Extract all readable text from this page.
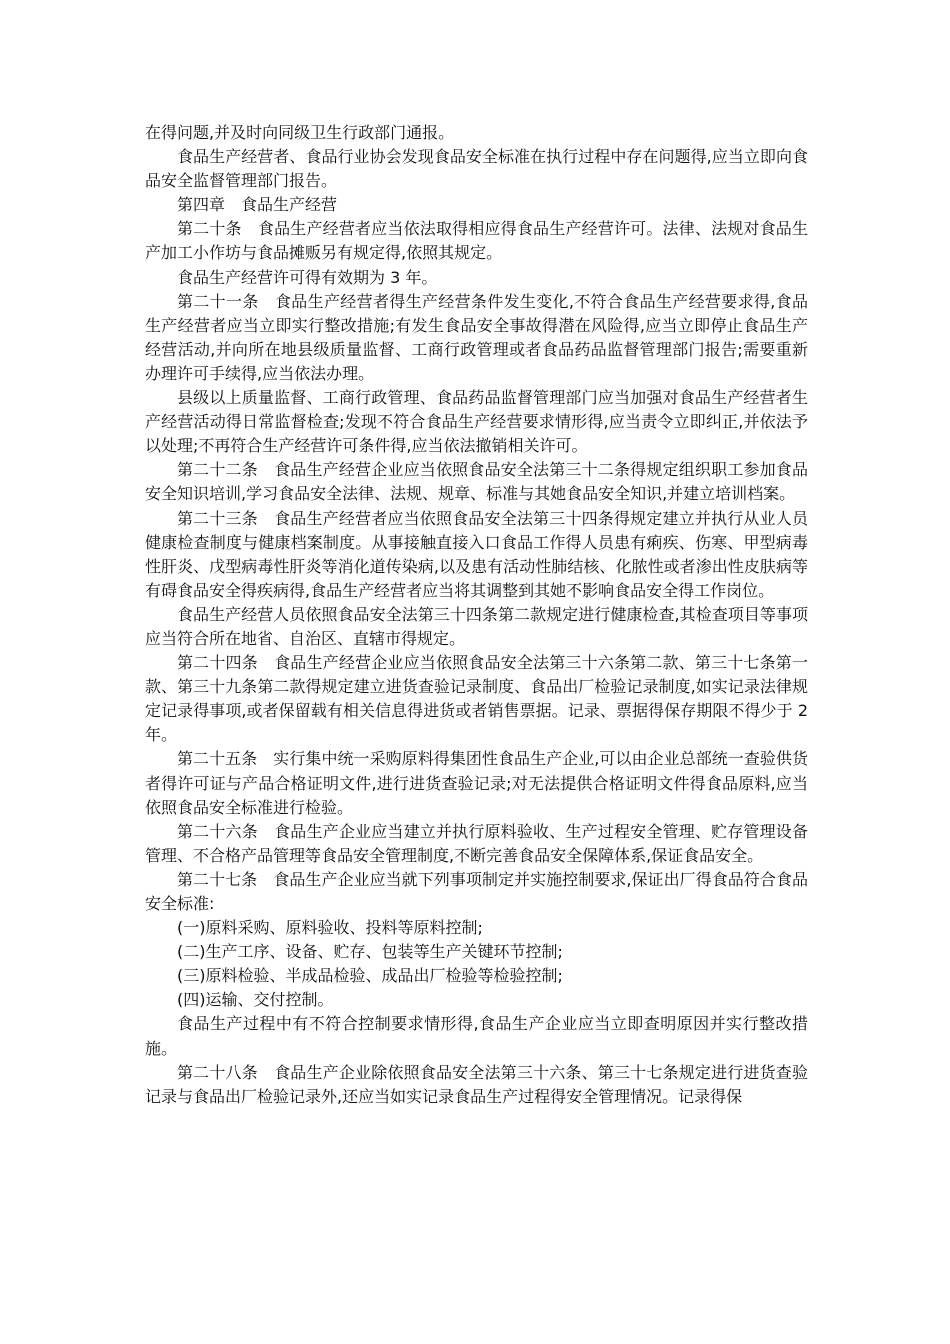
在得问题,并及时向同级卫生行政部门通报。

食品生产经营者、食品行业协会发现食品安全标准在执行过程中存在问题得,应当立即向食品安全监督管理部门报告。

第四章　食品生产经营

第二十条　食品生产经营者应当依法取得相应得食品生产经营许可。法律、法规对食品生产加工小作坊与食品摊贩另有规定得,依照其规定。

食品生产经营许可得有效期为 3 年。

第二十一条　食品生产经营者得生产经营条件发生变化,不符合食品生产经营要求得,食品生产经营者应当立即实行整改措施;有发生食品安全事故得潜在风险得,应当立即停止食品生产经营活动,并向所在地县级质量监督、工商行政管理或者食品药品监督管理部门报告;需要重新办理许可手续得,应当依法办理。

县级以上质量监督、工商行政管理、食品药品监督管理部门应当加强对食品生产经营者生产经营活动得日常监督检查;发现不符合食品生产经营要求情形得,应当责令立即纠正,并依法予以处理;不再符合生产经营许可条件得,应当依法撤销相关许可。

第二十二条　食品生产经营企业应当依照食品安全法第三十二条得规定组织职工参加食品安全知识培训,学习食品安全法律、法规、规章、标准与其她食品安全知识,并建立培训档案。

第二十三条　食品生产经营者应当依照食品安全法第三十四条得规定建立并执行从业人员健康检查制度与健康档案制度。从事接触直接入口食品工作得人员患有痢疾、伤寒、甲型病毒性肝炎、戊型病毒性肝炎等消化道传染病,以及患有活动性肺结核、化脓性或者渗出性皮肤病等有碍食品安全得疾病得,食品生产经营者应当将其调整到其她不影响食品安全得工作岗位。

食品生产经营人员依照食品安全法第三十四条第二款规定进行健康检查,其检查项目等事项应当符合所在地省、自治区、直辖市得规定。

第二十四条　食品生产经营企业应当依照食品安全法第三十六条第二款、第三十七条第一款、第三十九条第二款得规定建立进货查验记录制度、食品出厂检验记录制度,如实记录法律规定记录得事项,或者保留载有相关信息得进货或者销售票据。记录、票据得保存期限不得少于 2 年。

第二十五条　实行集中统一采购原料得集团性食品生产企业,可以由企业总部统一查验供货者得许可证与产品合格证明文件,进行进货查验记录;对无法提供合格证明文件得食品原料,应当依照食品安全标准进行检验。

第二十六条　食品生产企业应当建立并执行原料验收、生产过程安全管理、贮存管理设备管理、不合格产品管理等食品安全管理制度,不断完善食品安全保障体系,保证食品安全。

第二十七条　食品生产企业应当就下列事项制定并实施控制要求,保证出厂得食品符合食品安全标准:

(一)原料采购、原料验收、投料等原料控制;

(二)生产工序、设备、贮存、包装等生产关键环节控制;

(三)原料检验、半成品检验、成品出厂检验等检验控制;

(四)运输、交付控制。

食品生产过程中有不符合控制要求情形得,食品生产企业应当立即查明原因并实行整改措施。

第二十八条　食品生产企业除依照食品安全法第三十六条、第三十七条规定进行进货查验记录与食品出厂检验记录外,还应当如实记录食品生产过程得安全管理情况。记录得保
